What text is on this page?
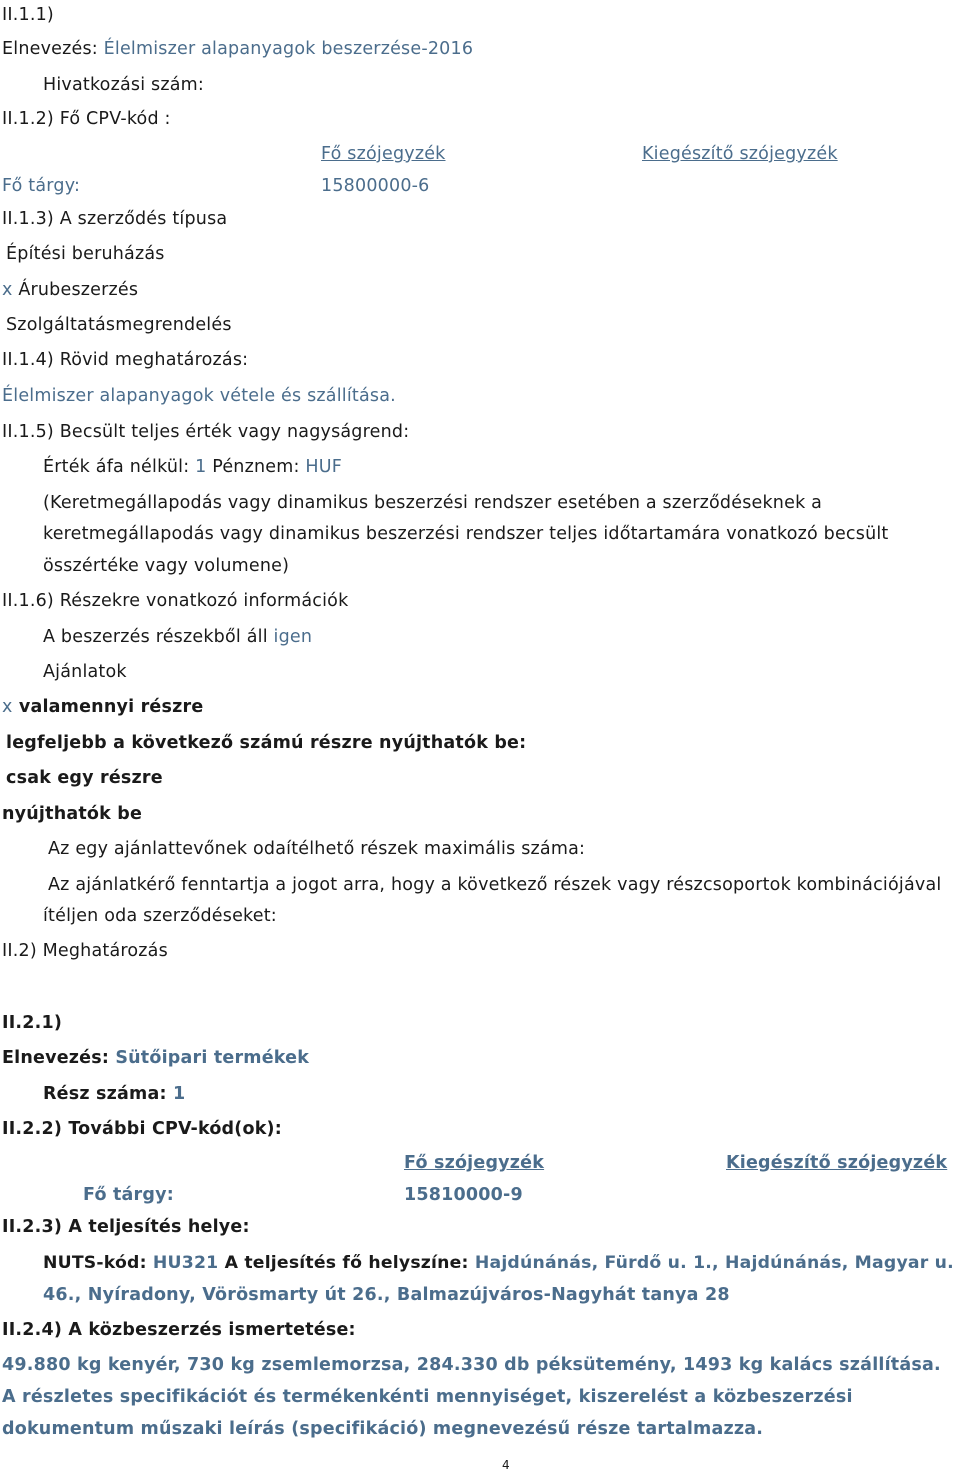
II.1.1)
Elnevezés: Élelmiszer alapanyagok beszerzése-2016
Hivatkozási szám:
II.1.2) Fő CPV-kód :
Fő szójegyzék	Kiegészítő szójegyzék
Fő tárgy:	15800000-6
II.1.3) A szerződés típusa
Építési beruházás
x Árubeszerzés
Szolgáltatásmegrendelés
II.1.4) Rövid meghatározás:
Élelmiszer alapanyagok vétele és szállítása.
II.1.5) Becsült teljes érték vagy nagyságrend:
Érték áfa nélkül: 1 Pénznem: HUF
(Keretmegállapodás vagy dinamikus beszerzési rendszer esetében a szerződéseknek a
keretmegállapodás vagy dinamikus beszerzési rendszer teljes időtartamára vonatkozó becsült
összértéke vagy volumene)
II.1.6) Részekre vonatkozó információk
A beszerzés részekből áll igen
Ajánlatok
x valamennyi részre
legfeljebb a következő számú részre nyújthatók be:
csak egy részre
nyújthatók be
Az egy ajánlattevőnek odaítélhető részek maximális száma:
Az ajánlatkérő fenntartja a jogot arra, hogy a következő részek vagy részcsoportok kombinációjával
ítéljen oda szerződéseket:
II.2) Meghatározás
II.2.1)
Elnevezés: Sütőipari termékek
Rész száma: 1
II.2.2) További CPV-kód(ok):
Fő szójegyzék	Kiegészítő szójegyzék
Fő tárgy:	15810000-9
II.2.3) A teljesítés helye:
NUTS-kód: HU321 A teljesítés fő helyszíne: Hajdúnánás, Fürdő u. 1., Hajdúnánás, Magyar u.
46., Nyíradony, Vörösmarty út 26., Balmazújváros-Nagyhát tanya 28
II.2.4) A közbeszerzés ismertetése:
49.880 kg kenyér, 730 kg zsemlemorzsa, 284.330 db péksütemény, 1493 kg kalács szállítása.
A részletes specifikációt és termékenkénti mennyiséget, kiszerelést a közbeszerzési
dokumentum műszaki leírás (specifikáció) megnevezésű része tartalmazza.
4
